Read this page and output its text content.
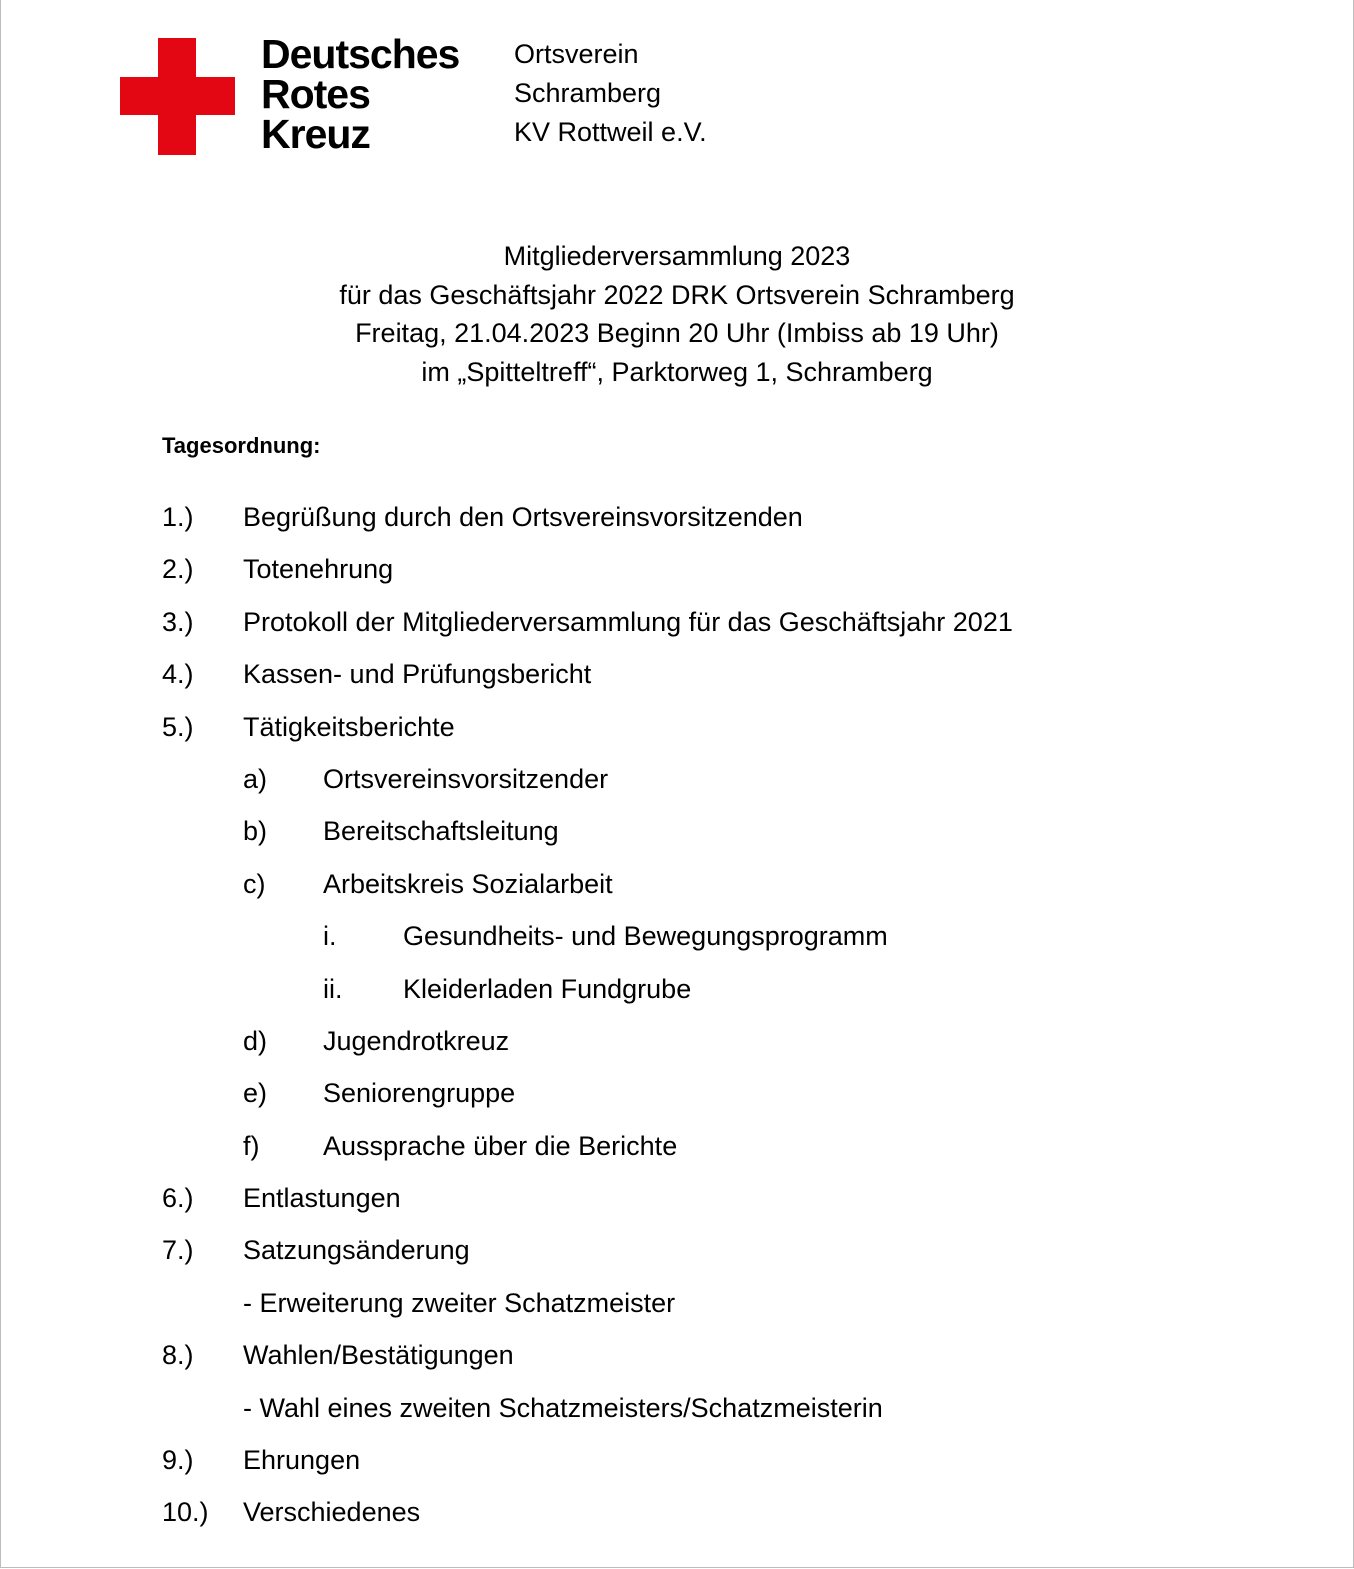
Deutsches
Rotes
Kreuz
Ortsverein
Schramberg
KV Rottweil e.V.
Mitgliederversammlung 2023
für das Geschäftsjahr 2022 DRK Ortsverein Schramberg
Freitag, 21.04.2023 Beginn 20 Uhr (Imbiss ab 19 Uhr)
im „Spitteltreff“, Parktorweg 1, Schramberg
Tagesordnung:
1.) Begrüßung durch den Ortsvereinsvorsitzenden
2.) Totenehrung
3.) Protokoll der Mitgliederversammlung für das Geschäftsjahr 2021
4.) Kassen- und Prüfungsbericht
5.) Tätigkeitsberichte
a) Ortsvereinsvorsitzender
b) Bereitschaftsleitung
c) Arbeitskreis Sozialarbeit
i. Gesundheits- und Bewegungsprogramm
ii. Kleiderladen Fundgrube
d) Jugendrotkreuz
e) Seniorengruppe
f) Aussprache über die Berichte
6.) Entlastungen
7.) Satzungsänderung
- Erweiterung zweiter Schatzmeister
8.) Wahlen/Bestätigungen
- Wahl eines zweiten Schatzmeisters/Schatzmeisterin
9.) Ehrungen
10.) Verschiedenes
